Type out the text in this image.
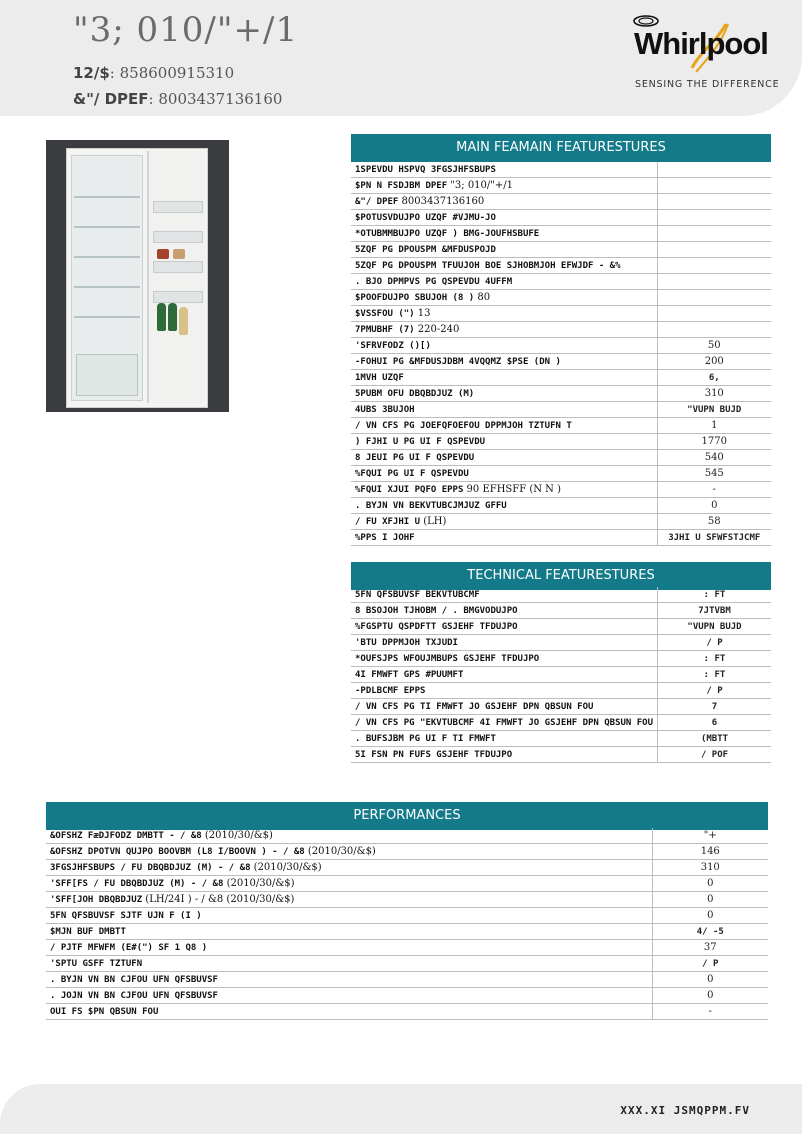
"3; 010/"+/1
12/$: 858600915310
&"/ DPEF: 8003437136160
Whirlpool
SENSING THE DIFFERENCE
MAIN FEAMAIN FEATURESTURES
1SPEVDU HSPVQ 3FGSJHFSBUPS	
$PN N FSDJBM DPEF "3; 010/"+/1	
&"/ DPEF 8003437136160	
$POTUSVDUJPO UZQF #VJMU-JO	
*OTUBMMBUJPO UZQF ) BMG-JOUFHSBUFE	
5ZQF PG DPOUSPM &MFDUSPOJD	
5ZQF PG DPOUSPM TFUUJOH BOE SJHOBMJOH EFWJDF - &%	
. BJO DPMPVS PG QSPEVDU 4UFFM	
$POOFDUJPO SBUJOH (8 ) 80	
$VSSFOU (") 13	
7PMUBHF (7) 220-240	
'SFRVFODZ ()[)	50
-FOHUI PG &MFDUSJDBM 4VQQMZ $PSE (DN )	200
1MVH UZQF	6,
5PUBM OFU DBQBDJUZ (M)	310
4UBS 3BUJOH	"VUPN BUJD
/ VN CFS PG JOEFQFOEFOU DPPMJOH TZTUFN T	1
) FJHI U PG UI F QSPEVDU	1770
8 JEUI PG UI F QSPEVDU	540
%FQUI PG UI F QSPEVDU	545
%FQUI XJUI PQFO EPPS 90 EFHSFF (N N )	-
. BYJN VN BEKVTUBCJMJUZ GFFU	0
/ FU XFJHI U (LH)	58
%PPS I JOHF	3JHI U SFWFSTJCMF
TECHNICAL FEATURESTURES
5FN QFSBUVSF BEKVTUBCMF	: FT
8 BSOJOH TJHOBM / . BMGVODUJPO	7JTVBM
%FGSPTU QSPDFTT GSJEHF TFDUJPO	"VUPN BUJD
'BTU DPPMJOH TXJUDI	/ P
*OUFSJPS WFOUJMBUPS GSJEHF TFDUJPO	: FT
4I FMWFT GPS #PUUMFT	: FT
-PDLBCMF EPPS	/ P
/ VN CFS PG TI FMWFT JO GSJEHF DPN QBSUN FOU	7
/ VN CFS PG "EKVTUBCMF 4I FMWFT JO GSJEHF DPN QBSUN FOU	6
. BUFSJBM PG UI F TI FMWFT	(MBTT
5I FSN PN FUFS GSJEHF TFDUJPO	/ POF
PERFORMANCES
&OFSHZ FæDJFODZ DMBTT - / &8 (2010/30/&$)	"+
&OFSHZ DPOTVN QUJPO BOOVBM (L8 I/BOOVN ) - / &8 (2010/30/&$)	146
3FGSJHFSBUPS / FU DBQBDJUZ (M) - / &8 (2010/30/&$)	310
'SFF[FS / FU DBQBDJUZ (M) - / &8 (2010/30/&$)	0
'SFF[JOH DBQBDJUZ (LH/24I ) - / &8 (2010/30/&$)	0
5FN QFSBUVSF SJTF UJN F (I )	0
$MJN BUF DMBTT	4/ -5
/ PJTF MFWFM (E#(") SF 1 Q8 )	37
'SPTU GSFF TZTUFN	/ P
. BYJN VN BN CJFOU UFN QFSBUVSF	0
. JOJN VN BN CJFOU UFN QFSBUVSF	0
OUI FS $PN QBSUN FOU	-
XXX.XI JSMQPPM.FV
